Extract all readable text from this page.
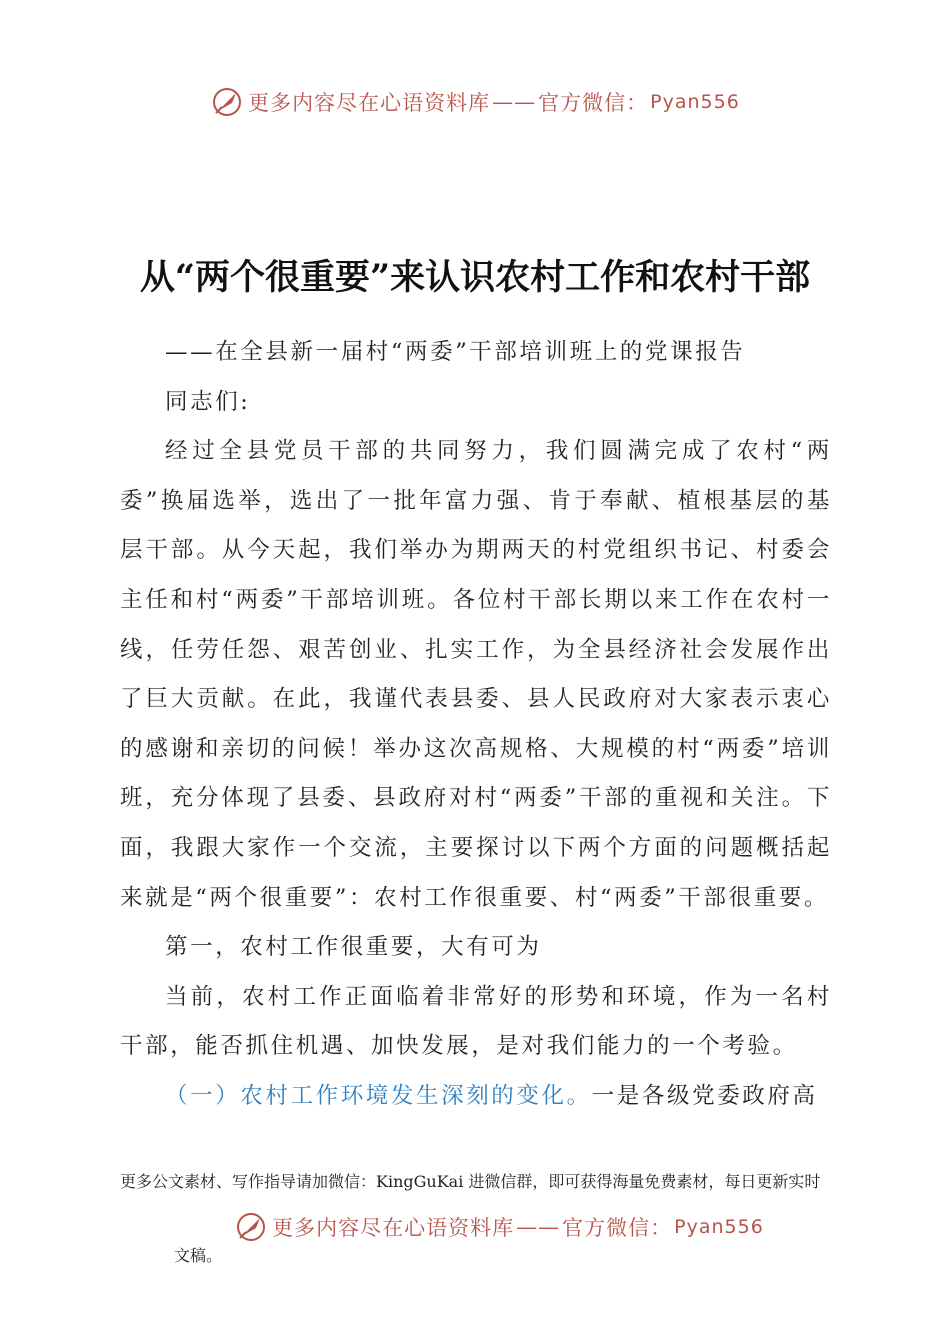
更多内容尽在心语资料库 —— 官方微信： Pyan556
从“两个很重要”来认识农村工作和农村干部

——在全县新一届村“两委”干部培训班上的党课报告

同志们:

经过全县党员干部的共同努力，我们圆满完成了农村“两委”换届选举，选出了一批年富力强、肯于奉献、植根基层的基层干部。从今天起，我们举办为期两天的村党组织书记、村委会主任和村“两委”干部培训班。各位村干部长期以来工作在农村一线，任劳任怨、艰苦创业、扎实工作，为全县经济社会发展作出了巨大贡献。在此，我谨代表县委、县人民政府对大家表示衷心的感谢和亲切的问候！举办这次高规格、大规模的村“两委”培训班，充分体现了县委、县政府对村“两委”干部的重视和关注。下面，我跟大家作一个交流，主要探讨以下两个方面的问题概括起来就是“两个很重要”：农村工作很重要、村“两委”干部很重要。

第一，农村工作很重要，大有可为

当前，农村工作正面临着非常好的形势和环境，作为一名村干部，能否抓住机遇、加快发展，是对我们能力的一个考验。

（一）农村工作环境发生深刻的变化。一是各级党委政府高

更多公文素材、写作指导请加微信：KingGuKai 进微信群，即可获得海量免费素材，每日更新实时
更多内容尽在心语资料库 —— 官方微信： Pyan556
文稿。
